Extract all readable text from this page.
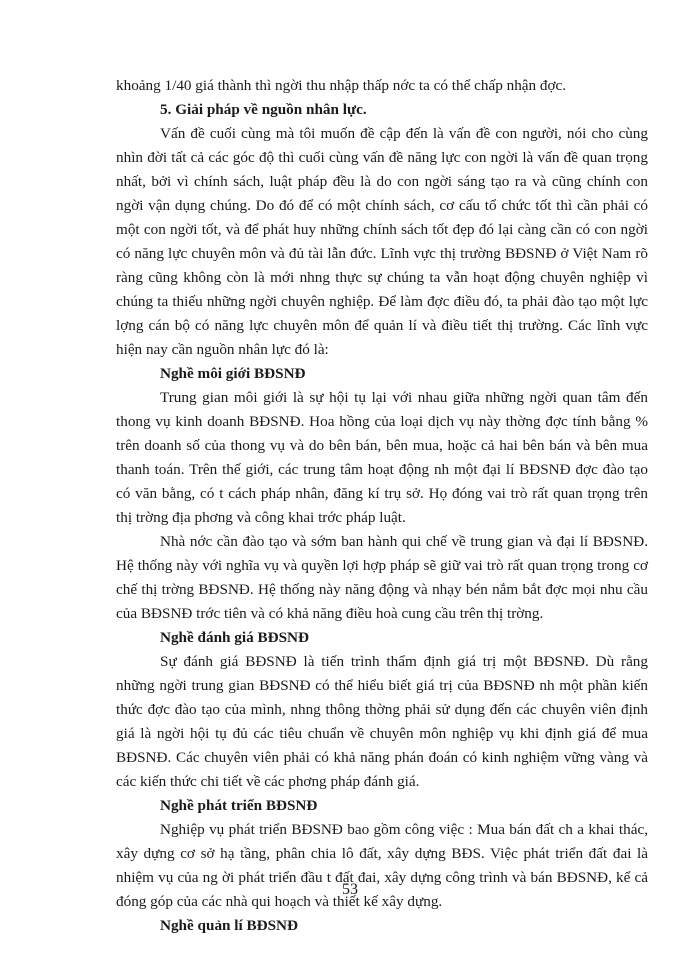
khoảng 1/40 giá thành thì ngời thu nhập thấp nớc ta có thể chấp nhận đợc.

5. Giải pháp về nguồn nhân lực.

Vấn đề cuối cùng mà tôi muốn đề cập đến là vấn đề con người, nói cho cùng nhìn đời tất cả các góc độ thì cuối cùng vấn đề năng lực con ngời là vấn đề quan trọng nhất, bởi vì chính sách, luật pháp đều là do con ngời sáng tạo ra và cũng chính con ngời vận dụng chúng. Do đó để có một chính sách, cơ cấu tổ chức tốt thì cần phải có một con ngời tốt, và để phát huy những chính sách tốt đẹp đó lại càng cần có con ngời có năng lực chuyên môn và đủ tài lẫn đức. Lĩnh vực thị trường BĐSNĐ ở Việt Nam rõ ràng cũng không còn là mới nhng thực sự chúng ta vẫn hoạt động chuyên nghiệp vì chúng ta thiếu những ngời chuyên nghiệp. Để làm đợc điều đó, ta phải đào tạo một lực lợng cán bộ có năng lực chuyên môn để quản lí và điều tiết thị trường. Các lĩnh vực hiện nay cần nguồn nhân lực đó là:

Nghề môi giới BĐSNĐ

Trung gian môi giới là sự hội tụ lại với nhau giữa những ngời quan tâm đến thong vụ kinh doanh BĐSNĐ. Hoa hồng của loại dịch vụ này thờng đợc tính bằng % trên doanh số của thong vụ và do bên bán, bên mua, hoặc cả hai bên bán và bên mua thanh toán. Trên thế giới, các trung tâm hoạt động nh một đại lí BĐSNĐ đợc đào tạo có văn bằng, có t cách pháp nhân, đăng kí trụ sở. Họ đóng vai trò rất quan trọng trên thị trờng địa phơng và công khai trớc pháp luật.

Nhà nớc cần đào tạo và sớm ban hành qui chế về trung gian và đại lí BĐSNĐ. Hệ thống này với nghĩa vụ và quyền lợi hợp pháp sẽ giữ vai trò rất quan trọng trong cơ chế thị trờng BĐSNĐ. Hệ thống này năng động và nhạy bén nắm bắt đợc mọi nhu cầu của BĐSNĐ trớc tiên và có khả năng điều hoà cung cầu trên thị trờng.

Nghề đánh giá BĐSNĐ

Sự đánh giá BĐSNĐ là tiến trình thẩm định giá trị một BĐSNĐ. Dù rằng những ngời trung gian BĐSNĐ có thể hiểu biết giá trị của BĐSNĐ nh một phần kiến thức đợc đào tạo của mình, nhng thông thờng phải sử dụng đến các chuyên viên định giá là ngời hội tụ đủ các tiêu chuẩn về chuyên môn nghiệp vụ khi định giá để mua BĐSNĐ. Các chuyên viên phải có khả năng phán đoán có kinh nghiệm vững vàng và các kiến thức chi tiết về các phơng pháp đánh giá.

Nghề phát triển BĐSNĐ

Nghiệp vụ phát triển BĐSNĐ bao gồm công việc : Mua bán đất ch a khai thác, xây dựng cơ sở hạ tầng, phân chia lô đất, xây dựng BĐS. Việc phát triển đất đai là nhiệm vụ của ng ời phát triển đầu t đất đai, xây dựng công trình và bán BĐSNĐ, kể cả đóng góp của các nhà qui hoạch và thiết kế xây dựng.

Nghề quản lí BĐSNĐ

53
